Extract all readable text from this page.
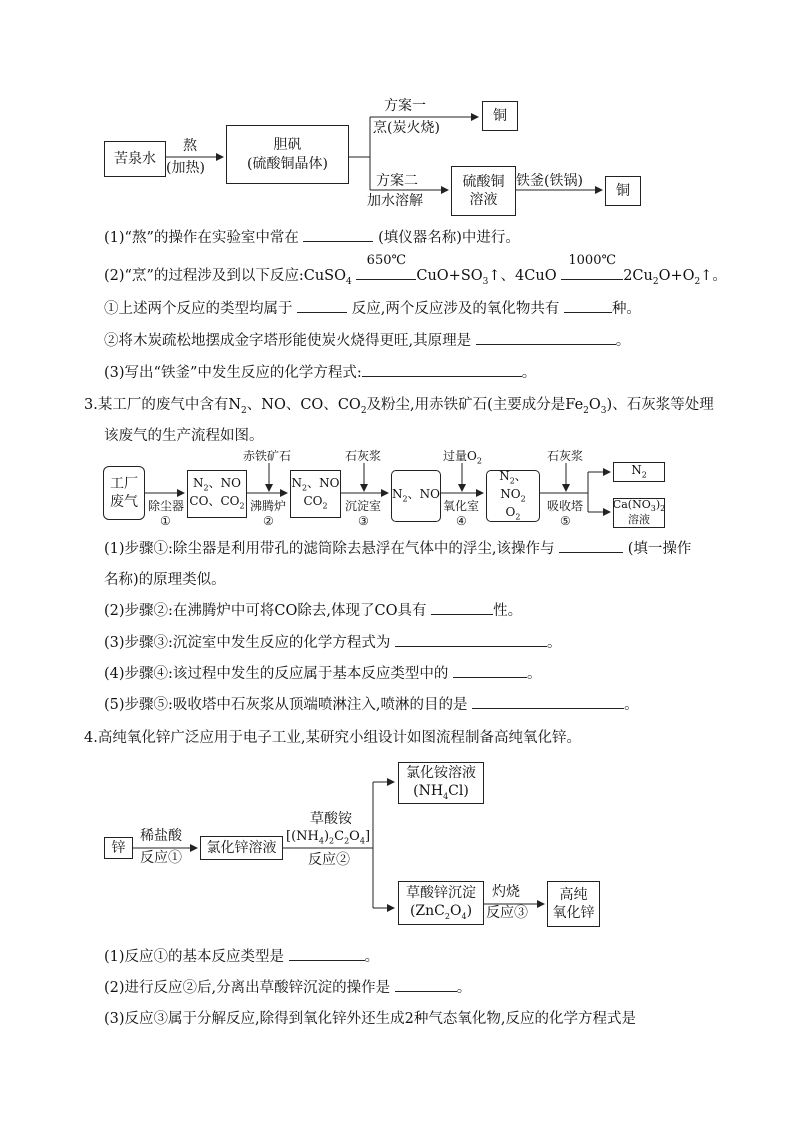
苦泉水
熬
(加热)
胆矾
(硫酸铜晶体)
方案一
烹(炭火烧)
铜
方案二
加水溶解
硫酸铜
溶液
铁釜(铁锅)
铜
(1)“熬”的操作在实验室中常在	(填仪器名称)中进行。
(2)“烹”的过程涉及到以下反应:CuSO$_4$
650℃
$CuO+SO_3↑$、4CuO
1000℃
$2Cu_2O+O_2↑$。
①上述两个反应的类型均属于	反应,两个反应涉及的氧化物共有	种。
②将木炭疏松地摆成金字塔形能使炭火烧得更旺,其原理是	。
(3)写出“铁釜”中发生反应的化学方程式:	。
3.某工厂的废气中含有$N_2$、NO、CO、$CO_2$及粉尘,用赤铁矿石(主要成分是$Fe_2O_3$)、石灰浆等处理
该废气的生产流程如图。
工厂
废气 除尘器
①
$N_2$、NO
CO、$CO_2$
赤铁矿石
沸腾炉
②
$N_2$、NO
$CO_2$
石灰浆
沉淀室
③
$N_2$、NO
过量$O_2$
氧化室
④
$N_2$、$NO_2$
$O_2$
石灰浆
吸收塔
⑤
$N_2$
$Ca(NO_3)_2$
溶液
(1)步骤①:除尘器是利用带孔的滤筒除去悬浮在气体中的浮尘,该操作与	(填一操作
名称)的原理类似。
(2)步骤②:在沸腾炉中可将CO除去,体现了CO具有	性。
(3)步骤③:沉淀室中发生反应的化学方程式为	。
(4)步骤④:该过程中发生的反应属于基本反应类型中的	。
(5)步骤⑤:吸收塔中石灰浆从顶端喷淋注入,喷淋的目的是	。
4.高纯氧化锌广泛应用于电子工业,某研究小组设计如图流程制备高纯氧化锌。
锌
稀盐酸
反应①
氯化锌溶液
草酸铵
$[(NH_4)_2C_2O_4]$
反应②
氯化铵溶液
$(NH_4Cl)$
草酸锌沉淀
$(ZnC_2O_4)$
灼烧
反应③
高纯
氧化锌
(1)反应①的基本反应类型是	。
(2)进行反应②后,分离出草酸锌沉淀的操作是	。
(3)反应③属于分解反应,除得到氧化锌外还生成2种气态氧化物,反应的化学方程式是
